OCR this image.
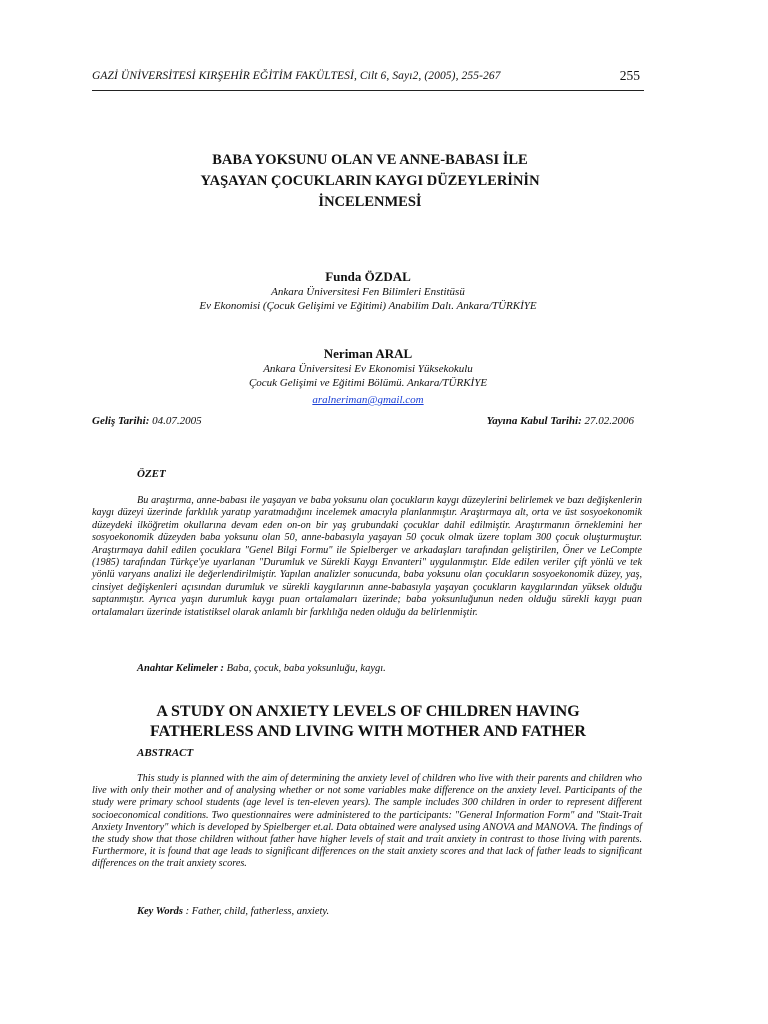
GAZİ ÜNİVERSİTESİ KIRŞEHİR EĞİTİM FAKÜLTESİ, Cilt 6, Sayı2, (2005), 255-267	255
BABA YOKSUNU OLAN VE ANNE-BABASI İLE
YAŞAYAN ÇOCUKLARIN KAYGI DÜZEYLERİNİN
İNCELENMESİ
Funda ÖZDAL
Ankara Üniversitesi Fen Bilimleri Enstitüsü
Ev Ekonomisi (Çocuk Gelişimi ve Eğitimi) Anabilim Dalı. Ankara/TÜRKİYE
Neriman ARAL
Ankara Üniversitesi Ev Ekonomisi Yüksekokulu
Çocuk Gelişimi ve Eğitimi Bölümü. Ankara/TÜRKİYE
aralneriman@gmail.com
Geliş Tarihi: 04.07.2005	Yayına Kabul Tarihi: 27.02.2006
ÖZET
Bu araştırma, anne-babası ile yaşayan ve baba yoksunu olan çocukların kaygı düzeylerini belirlemek ve bazı değişkenlerin kaygı düzeyi üzerinde farklılık yaratıp yaratmadığını incelemek amacıyla planlanmıştır. Araştırmaya alt, orta ve üst sosyoekonomik düzeydeki ilköğretim okullarına devam eden on-on bir yaş grubundaki çocuklar dahil edilmiştir. Araştırmanın örneklemini her sosyoekonomik düzeyden baba yoksunu olan 50, anne-babasıyla yaşayan 50 çocuk olmak üzere toplam 300 çocuk oluşturmuştur. Araştırmaya dahil edilen çocuklara "Genel Bilgi Formu" ile Spielberger ve arkadaşları tarafından geliştirilen, Öner ve LeCompte (1985) tarafından Türkçe'ye uyarlanan "Durumluk ve Sürekli Kaygı Envanteri" uygulanmıştır. Elde edilen veriler çift yönlü ve tek yönlü varyans analizi ile değerlendirilmiştir. Yapılan analizler sonucunda, baba yoksunu olan çocukların sosyoekonomik düzey, yaş, cinsiyet değişkenleri açısından durumluk ve sürekli kaygılarının anne-babasıyla yaşayan çocukların kaygılarından yüksek olduğu saptanmıştır. Ayrıca yaşın durumluk kaygı puan ortalamaları üzerinde; baba yoksunluğunun neden olduğu sürekli kaygı puan ortalamaları üzerinde istatistiksel olarak anlamlı bir farklılığa neden olduğu da belirlenmiştir.
Anahtar Kelimeler : Baba, çocuk, baba yoksunluğu, kaygı.
A STUDY ON ANXIETY LEVELS OF CHILDREN HAVING
FATHERLESS AND LIVING WITH MOTHER AND FATHER
ABSTRACT
This study is planned with the aim of determining the anxiety level of children who live with their parents and children who live with only their mother and of analysing whether or not some variables make difference on the anxiety level. Participants of the study were primary school students (age level is ten-eleven years). The sample includes 300 children in order to represent different socioeconomical conditions. Two questionnaires were administered to the participants: "General Information Form" and "Stait-Trait Anxiety Inventory" which is developed by Spielberger et.al. Data obtained were analysed using ANOVA and MANOVA. The findings of the study show that those children without father have higher levels of stait and trait anxiety in contrast to those living with parents. Furthermore, it is found that age leads to significant differences on the stait anxiety scores and that lack of father leads to significant differences on the trait anxiety scores.
Key Words : Father, child, fatherless, anxiety.
